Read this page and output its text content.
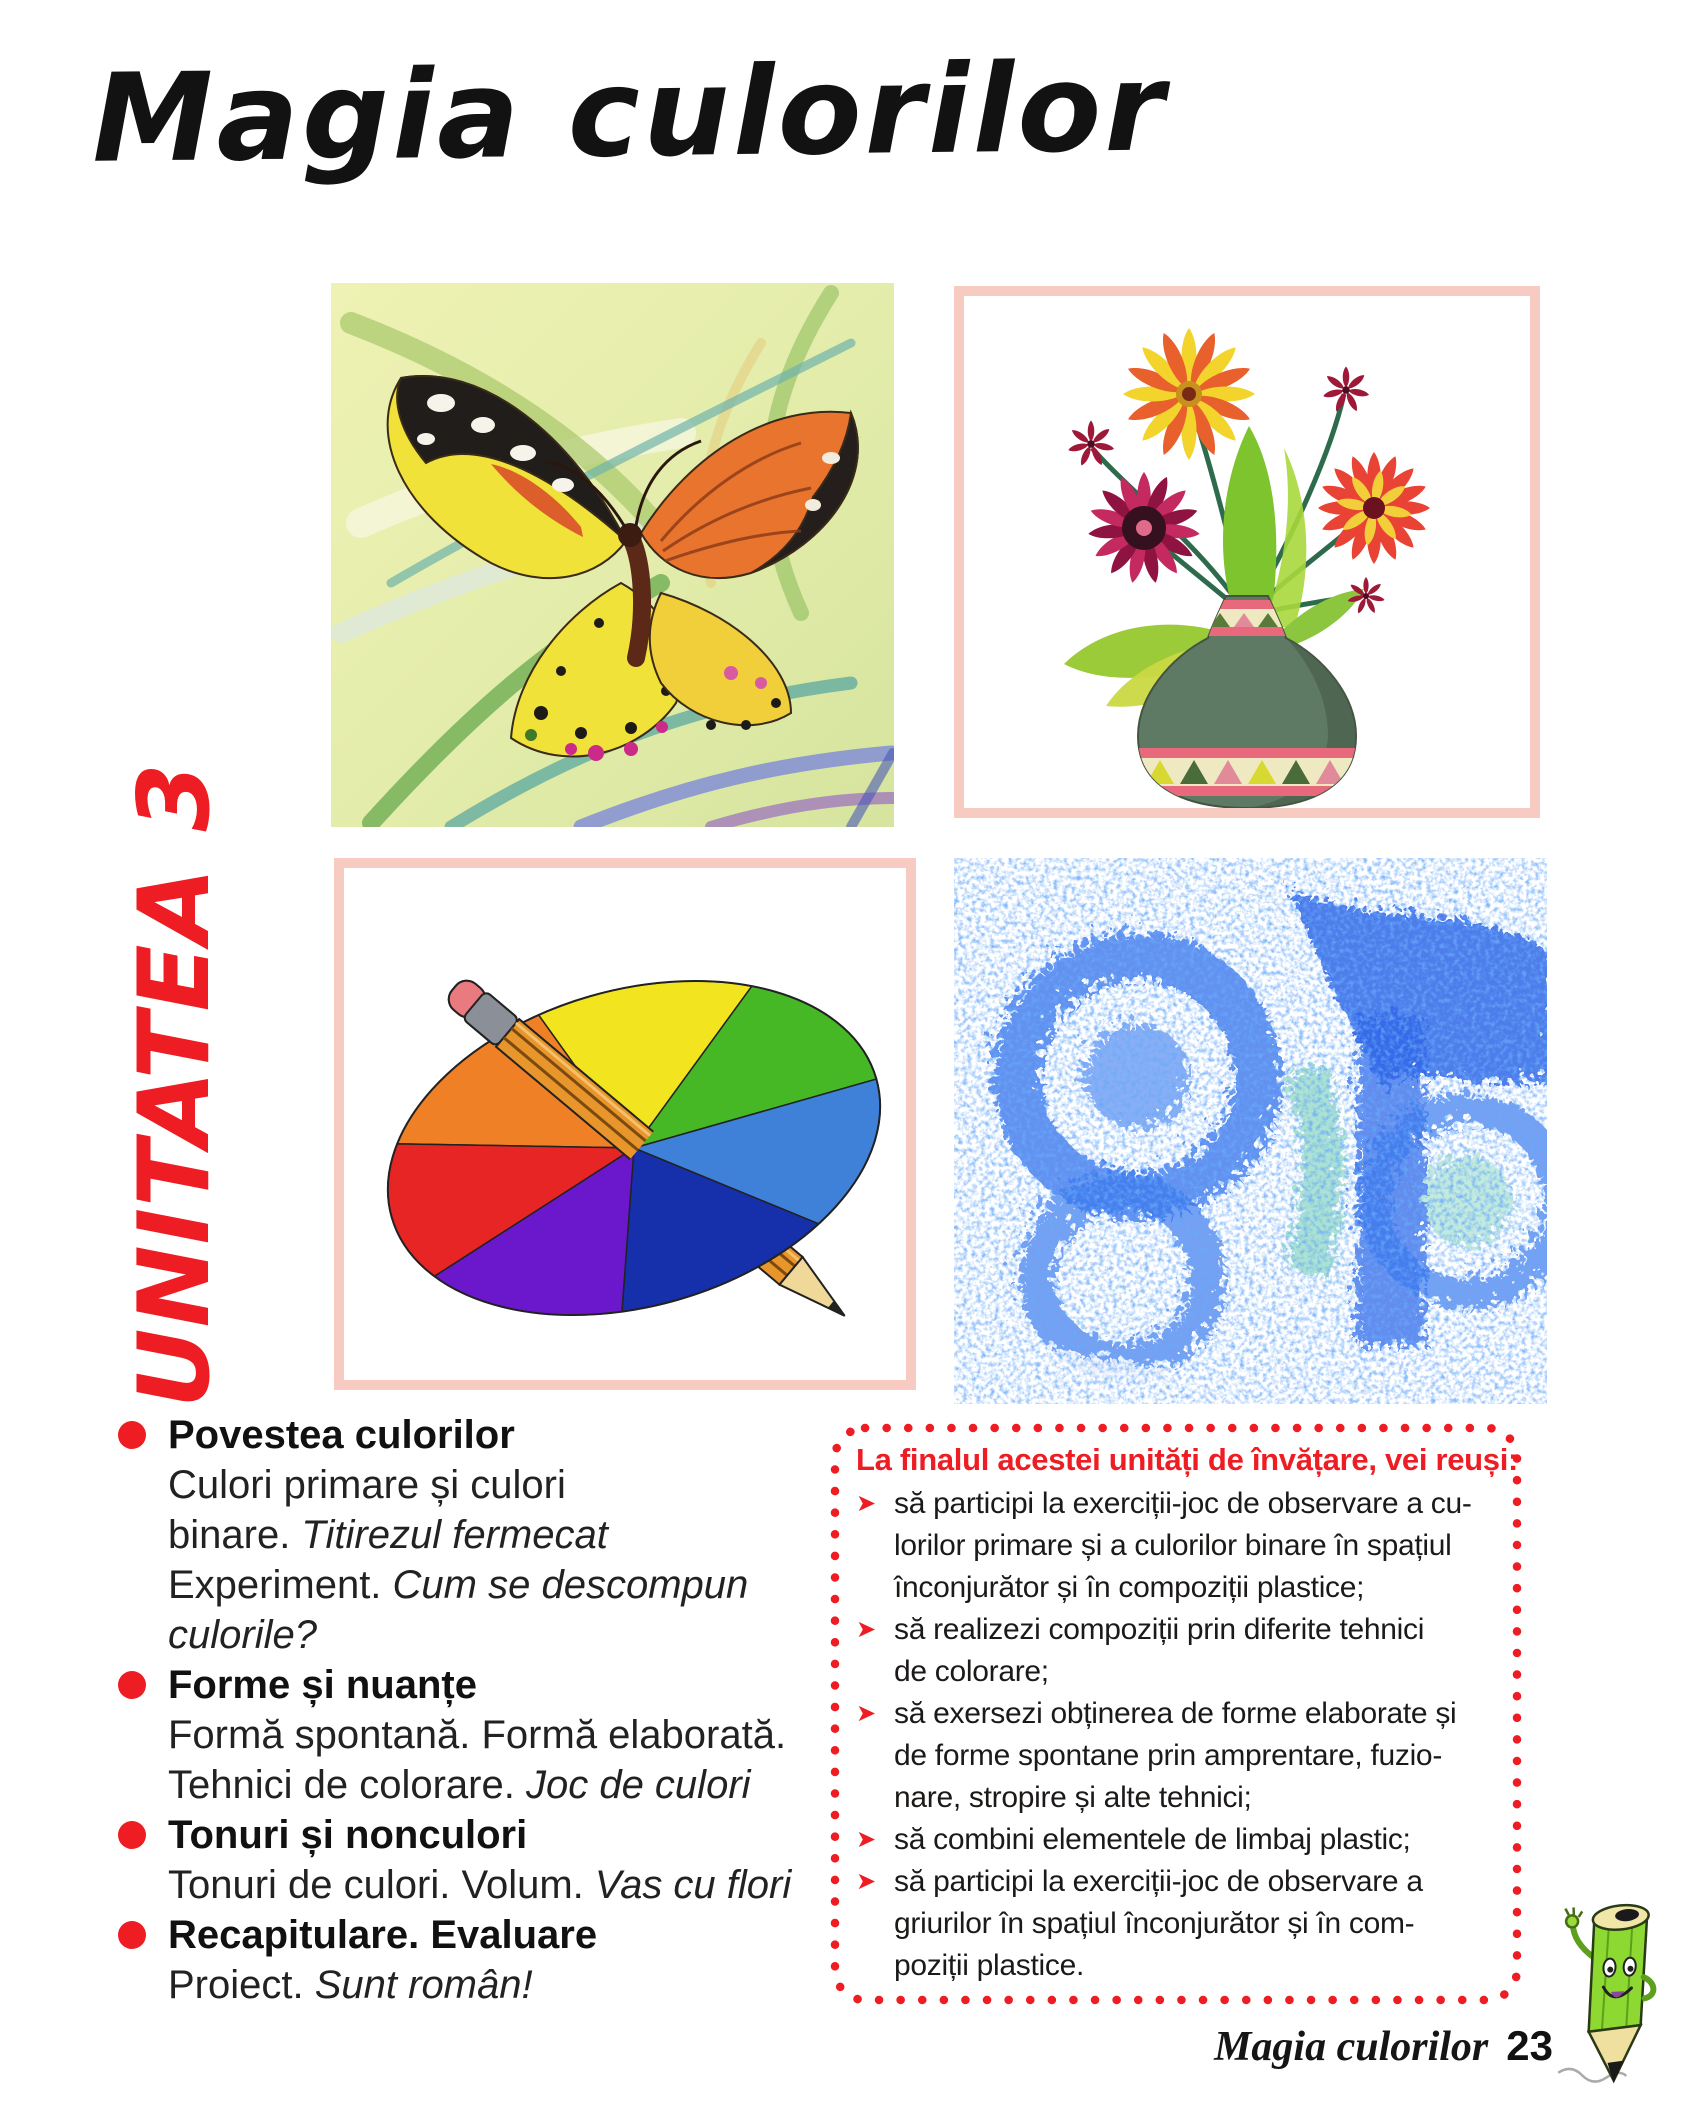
Magia culorilor
UNITATEA 3
Povestea culorilor
Culori primare și culori
binare. Titirezul fermecat
Experiment. Cum se descompun
culorile?
Forme și nuanțe
Formă spontană. Formă elaborată.
Tehnici de colorare. Joc de culori
Tonuri și nonculori
Tonuri de culori. Volum. Vas cu flori
Recapitulare. Evaluare
Proiect. Sunt român!
La finalul acestei unități de învățare, vei reuși:
➤ să participi la exerciții-joc de observare a cu-
lorilor primare și a culorilor binare în spațiul
înconjurător și în compoziții plastice;
➤ să realizezi compoziții prin diferite tehnici
de colorare;
➤ să exersezi obținerea de forme elaborate și
de forme spontane prin amprentare, fuzio-
nare, stropire și alte tehnici;
➤ să combini elementele de limbaj plastic;
➤ să participi la exerciții-joc de observare a
griurilor în spațiul înconjurător și în com-
poziții plastice.
Magia culorilor 23
